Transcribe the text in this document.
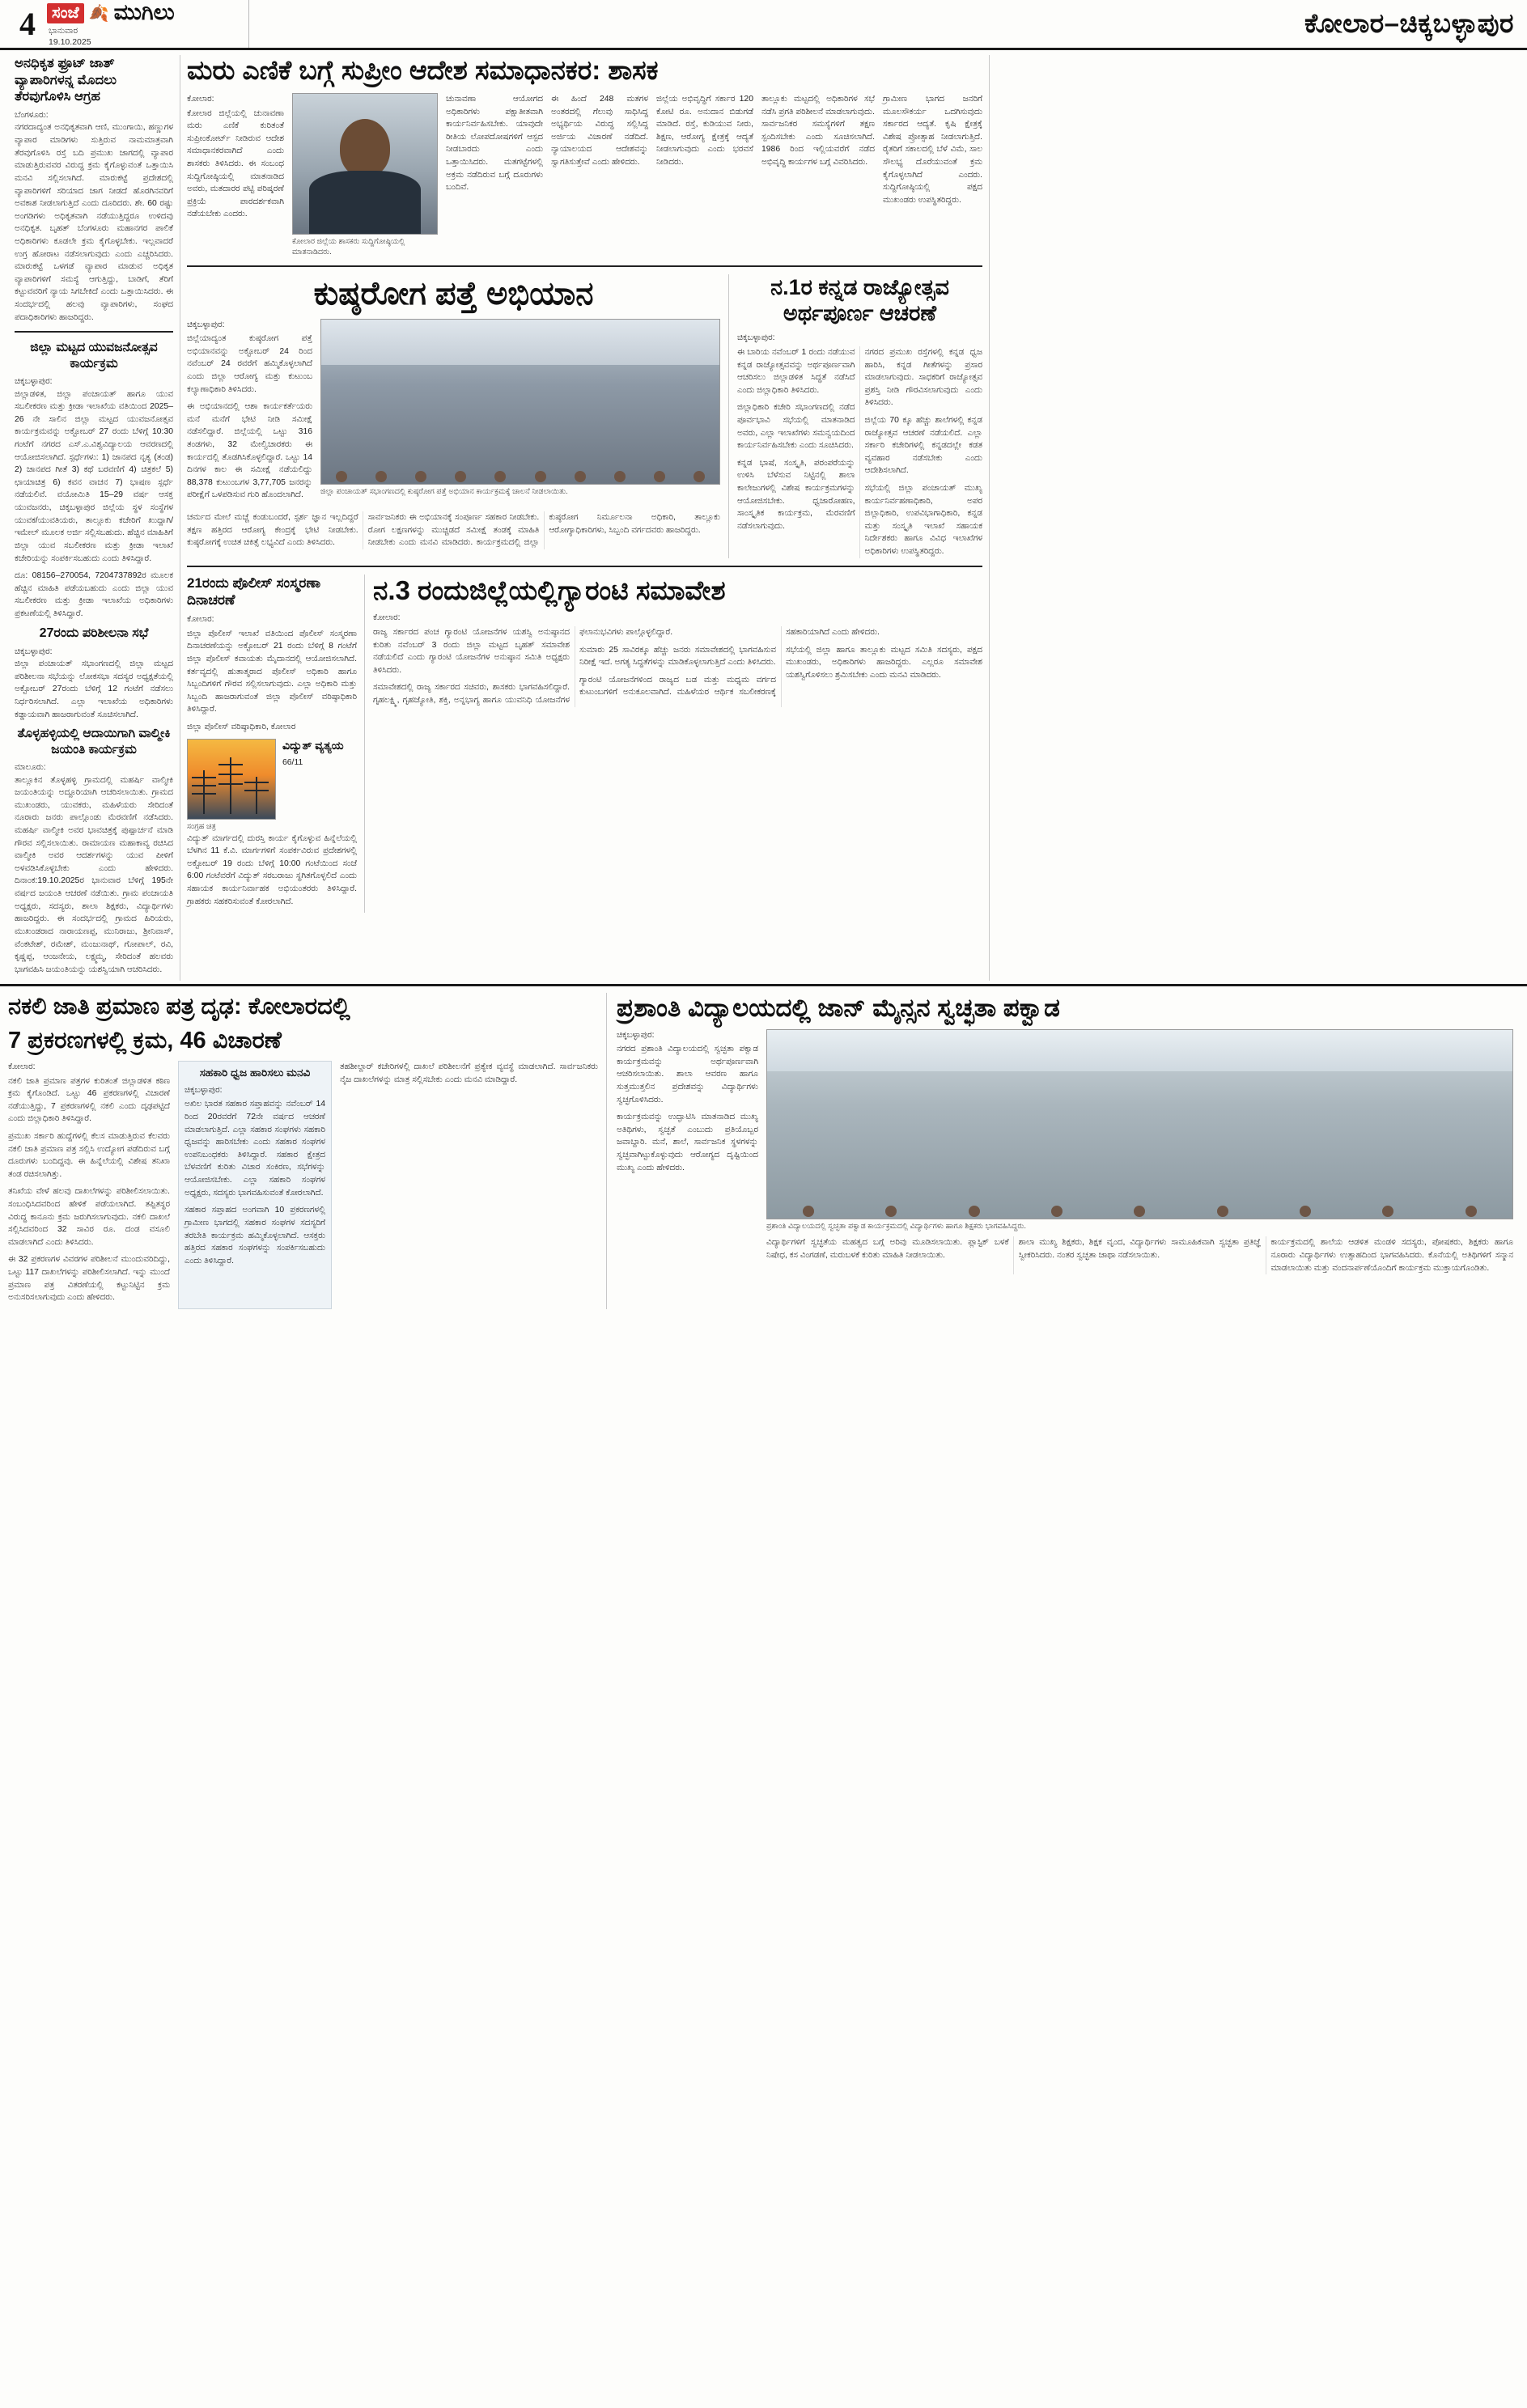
4	ಸಂಜೆ 🍂 ಮುಗಿಲು
ಭಾನುವಾರ
19.10.2025
ಕೋಲಾರ–ಚಿಕ್ಕಬಳ್ಳಾಪುರ
ಅನಧಿಕೃತ ಫ್ರೂಟ್ ಜಾತ್ ವ್ಯಾಪಾರಿಗಳನ್ನ ಮೊದಲು ತೆರವುಗೊಳಿಸಿ ಆಗ್ರಹ

ಬೆಂಗಳೂರು:

ನಗರದಾದ್ಯಂತ ಅನಧಿಕೃತವಾಗಿ ಆಣಿ, ಮುಂಗಾಯಿ, ಹಣ್ಣುಗಳ ವ್ಯಾಪಾರ ಮಾಡಿಗಳು ಸುತ್ತಿರುವ ನಾಮಮಾತ್ರವಾಗಿ ತೆರವುಗೊಳಿಸಿ ರಸ್ತೆ ಬದಿ ಪ್ರಮುಖ ಜಾಗದಲ್ಲಿ ವ್ಯಾಪಾರ ಮಾಡುತ್ತಿರುವವರ ವಿರುದ್ಧ ಕ್ರಮ ಕೈಗೊಳ್ಳುವಂತೆ ಒತ್ತಾಯಿಸಿ ಮನವಿ ಸಲ್ಲಿಸಲಾಗಿದೆ. ಮಾರುಕಟ್ಟೆ ಪ್ರದೇಶದಲ್ಲಿ ವ್ಯಾಪಾರಿಗಳಿಗೆ ಸರಿಯಾದ ಜಾಗ ನೀಡದೆ ಹೊರಗಿನವರಿಗೆ ಅವಕಾಶ ನೀಡಲಾಗುತ್ತಿದೆ ಎಂದು ದೂರಿದರು. ಶೇ. 60 ರಷ್ಟು ಅಂಗಡಿಗಳು ಅಧಿಕೃತವಾಗಿ ನಡೆಯುತ್ತಿದ್ದರೂ ಉಳಿದವು ಅನಧಿಕೃತ. ಬೃಹತ್ ಬೆಂಗಳೂರು ಮಹಾನಗರ ಪಾಲಿಕೆ ಅಧಿಕಾರಿಗಳು ಕೂಡಲೇ ಕ್ರಮ ಕೈಗೊಳ್ಳಬೇಕು. ಇಲ್ಲವಾದರೆ ಉಗ್ರ ಹೋರಾಟ ನಡೆಸಲಾಗುವುದು ಎಂದು ಎಚ್ಚರಿಸಿದರು. ಮಾರುಕಟ್ಟೆ ಒಳಗಡೆ ವ್ಯಾಪಾರ ಮಾಡುವ ಅಧಿಕೃತ ವ್ಯಾಪಾರಿಗಳಿಗೆ ಸಮಸ್ಯೆ ಆಗುತ್ತಿದ್ದು, ಬಾಡಿಗೆ, ತೆರಿಗೆ ಕಟ್ಟುವವರಿಗೆ ನ್ಯಾಯ ಸಿಗಬೇಕಿದೆ ಎಂದು ಒತ್ತಾಯಿಸಿದರು. ಈ ಸಂದರ್ಭದಲ್ಲಿ ಹಲವು ವ್ಯಾಪಾರಿಗಳು, ಸಂಘದ ಪದಾಧಿಕಾರಿಗಳು ಹಾಜರಿದ್ದರು.

ಜಿಲ್ಲಾ ಮಟ್ಟದ ಯುವಜನೋತ್ಸವ ಕಾರ್ಯಕ್ರಮ

ಚಿಕ್ಕಬಳ್ಳಾಪುರ:

ಜಿಲ್ಲಾಡಳಿತ, ಜಿಲ್ಲಾ ಪಂಚಾಯತ್ ಹಾಗೂ ಯುವ ಸಬಲೀಕರಣ ಮತ್ತು ಕ್ರೀಡಾ ಇಲಾಖೆಯ ವತಿಯಿಂದ 2025–26 ನೇ ಸಾಲಿನ ಜಿಲ್ಲಾ ಮಟ್ಟದ ಯುವಜನೋತ್ಸವ ಕಾರ್ಯಕ್ರಮವನ್ನು ಅಕ್ಟೋಬರ್ 27 ರಂದು ಬೆಳಿಗ್ಗೆ 10:30 ಗಂಟೆಗೆ ನಗರದ ಎಸ್.ಎ.ವಿಶ್ವವಿದ್ಯಾಲಯ ಆವರಣದಲ್ಲಿ ಆಯೋಜಿಸಲಾಗಿದೆ. ಸ್ಪರ್ಧೆಗಳು: 1) ಜಾನಪದ ನೃತ್ಯ (ತಂಡ) 2) ಜಾನಪದ ಗೀತೆ 3) ಕಥೆ ಬರವಣಿಗೆ 4) ಚಿತ್ರಕಲೆ 5) ಛಾಯಾಚಿತ್ರ 6) ಕವನ ವಾಚನ 7) ಭಾಷಣ ಸ್ಪರ್ಧೆ ನಡೆಯಲಿವೆ. ವಯೋಮಿತಿ 15–29 ವರ್ಷ ಆಸಕ್ತ ಯುವಜನರು, ಚಿಕ್ಕಬಳ್ಳಾಪುರ ಜಿಲ್ಲೆಯ ಸ್ಥಳ ಸಂಸ್ಥೆಗಳ ಯುವಕ/ಯುವತಿಯರು, ತಾಲ್ಲೂಕು ಕಚೇರಿಗೆ ಖುದ್ದಾಗಿ/ ಇಮೇಲ್ ಮೂಲಕ ಅರ್ಜಿ ಸಲ್ಲಿಸಬಹುದು. ಹೆಚ್ಚಿನ ಮಾಹಿತಿಗೆ ಜಿಲ್ಲಾ ಯುವ ಸಬಲೀಕರಣ ಮತ್ತು ಕ್ರೀಡಾ ಇಲಾಖೆ ಕಚೇರಿಯನ್ನು ಸಂಪರ್ಕಿಸಬಹುದು ಎಂದು ತಿಳಿಸಿದ್ದಾರೆ.

ದೂ: 08156–270054, 7204737892ರ ಮೂಲಕ ಹೆಚ್ಚಿನ ಮಾಹಿತಿ ಪಡೆಯಬಹುದು ಎಂದು ಜಿಲ್ಲಾ ಯುವ ಸಬಲೀಕರಣ ಮತ್ತು ಕ್ರೀಡಾ ಇಲಾಖೆಯ ಅಧಿಕಾರಿಗಳು ಪ್ರಕಟಣೆಯಲ್ಲಿ ತಿಳಿಸಿದ್ದಾರೆ.

27ರಂದು ಪರಿಶೀಲನಾ ಸಭೆ

ಚಿಕ್ಕಬಳ್ಳಾಪುರ:

ಜಿಲ್ಲಾ ಪಂಚಾಯತ್ ಸಭಾಂಗಣದಲ್ಲಿ ಜಿಲ್ಲಾ ಮಟ್ಟದ ಪರಿಶೀಲನಾ ಸಭೆಯನ್ನು ಲೋಕಸಭಾ ಸದಸ್ಯರ ಅಧ್ಯಕ್ಷತೆಯಲ್ಲಿ ಅಕ್ಟೋಬರ್ 27ರಂದು ಬೆಳಿಗ್ಗೆ 12 ಗಂಟೆಗೆ ನಡೆಸಲು ನಿರ್ಧರಿಸಲಾಗಿದೆ. ಎಲ್ಲಾ ಇಲಾಖೆಯ ಅಧಿಕಾರಿಗಳು ಕಡ್ಡಾಯವಾಗಿ ಹಾಜರಾಗುವಂತೆ ಸೂಚಿಸಲಾಗಿದೆ.

ತೊಳ್ಳಹಳ್ಳಿಯಲ್ಲಿ ಆದಾಯಿಗಾಗಿ ವಾಲ್ಮೀಕಿ ಜಯಂತಿ ಕಾರ್ಯಕ್ರಮ

ಮಾಲೂರು:

ತಾಲ್ಲೂಕಿನ ತೊಳ್ಳಹಳ್ಳಿ ಗ್ರಾಮದಲ್ಲಿ ಮಹರ್ಷಿ ವಾಲ್ಮೀಕಿ ಜಯಂತಿಯನ್ನು ಅದ್ದೂರಿಯಾಗಿ ಆಚರಿಸಲಾಯಿತು. ಗ್ರಾಮದ ಮುಖಂಡರು, ಯುವಕರು, ಮಹಿಳೆಯರು ಸೇರಿದಂತೆ ನೂರಾರು ಜನರು ಪಾಲ್ಗೊಂಡು ಮೆರವಣಿಗೆ ನಡೆಸಿದರು. ಮಹರ್ಷಿ ವಾಲ್ಮೀಕಿ ಅವರ ಭಾವಚಿತ್ರಕ್ಕೆ ಪುಷ್ಪಾರ್ಚನೆ ಮಾಡಿ ಗೌರವ ಸಲ್ಲಿಸಲಾಯಿತು. ರಾಮಾಯಣ ಮಹಾಕಾವ್ಯ ರಚಿಸಿದ ವಾಲ್ಮೀಕಿ ಅವರ ಆದರ್ಶಗಳನ್ನು ಯುವ ಪೀಳಿಗೆ ಅಳವಡಿಸಿಕೊಳ್ಳಬೇಕು ಎಂದು ಹೇಳಿದರು. ದಿನಾಂಕ:19.10.2025ರ ಭಾನುವಾರ ಬೆಳಿಗ್ಗೆ 195ನೇ ವರ್ಷದ ಜಯಂತಿ ಆಚರಣೆ ನಡೆಯಿತು. ಗ್ರಾಮ ಪಂಚಾಯತಿ ಅಧ್ಯಕ್ಷರು, ಸದಸ್ಯರು, ಶಾಲಾ ಶಿಕ್ಷಕರು, ವಿದ್ಯಾರ್ಥಿಗಳು ಹಾಜರಿದ್ದರು. ಈ ಸಂದರ್ಭದಲ್ಲಿ ಗ್ರಾಮದ ಹಿರಿಯರು, ಮುಖಂಡರಾದ ನಾರಾಯಣಪ್ಪ, ಮುನಿರಾಜು, ಶ್ರೀನಿವಾಸ್, ವೆಂಕಟೇಶ್, ರಮೇಶ್, ಮಂಜುನಾಥ್, ಗೋಪಾಲ್, ರವಿ, ಕೃಷ್ಣಪ್ಪ, ಆಂಜನೇಯ, ಲಕ್ಷ್ಮಮ್ಮ, ಸೇರಿದಂತೆ ಹಲವರು ಭಾಗವಹಿಸಿ ಜಯಂತಿಯನ್ನು ಯಶಸ್ವಿಯಾಗಿ ಆಚರಿಸಿದರು.

ಮರು ಎಣಿಕೆ ಬಗ್ಗೆ ಸುಪ್ರೀಂ ಆದೇಶ ಸಮಾಧಾನಕರ: ಶಾಸಕ

ಕೋಲಾರ:

ಕೋಲಾರ ಜಿಲ್ಲೆಯಲ್ಲಿ ಚುನಾವಣಾ ಮರು ಎಣಿಕೆ ಕುರಿತಂತೆ ಸುಪ್ರೀಂಕೋರ್ಟ್ ನೀಡಿರುವ ಆದೇಶ ಸಮಾಧಾನಕರವಾಗಿದೆ ಎಂದು ಶಾಸಕರು ತಿಳಿಸಿದರು. ಈ ಸಂಬಂಧ ಸುದ್ದಿಗೋಷ್ಠಿಯಲ್ಲಿ ಮಾತನಾಡಿದ ಅವರು, ಮತದಾರರ ಪಟ್ಟಿ ಪರಿಷ್ಕರಣೆ ಪ್ರಕ್ರಿಯೆ ಪಾರದರ್ಶಕವಾಗಿ ನಡೆಯಬೇಕು ಎಂದರು.

ಕೋಲಾರ ಜಿಲ್ಲೆಯ ಶಾಸಕರು ಸುದ್ದಿಗೋಷ್ಠಿಯಲ್ಲಿ ಮಾತನಾಡಿದರು.

ಚುನಾವಣಾ ಆಯೋಗದ ಅಧಿಕಾರಿಗಳು ಪಕ್ಷಾತೀತವಾಗಿ ಕಾರ್ಯನಿರ್ವಹಿಸಬೇಕು. ಯಾವುದೇ ರೀತಿಯ ಲೋಪದೋಷಗಳಿಗೆ ಆಸ್ಪದ ನೀಡಬಾರದು ಎಂದು ಒತ್ತಾಯಿಸಿದರು. ಮತಗಟ್ಟೆಗಳಲ್ಲಿ ಅಕ್ರಮ ನಡೆದಿರುವ ಬಗ್ಗೆ ದೂರುಗಳು ಬಂದಿವೆ.

ಈ ಹಿಂದೆ 248 ಮತಗಳ ಅಂತರದಲ್ಲಿ ಗೆಲುವು ಸಾಧಿಸಿದ್ದ ಅಭ್ಯರ್ಥಿಯ ವಿರುದ್ಧ ಸಲ್ಲಿಸಿದ್ದ ಅರ್ಜಿಯ ವಿಚಾರಣೆ ನಡೆದಿದೆ. ನ್ಯಾಯಾಲಯದ ಆದೇಶವನ್ನು ಸ್ವಾಗತಿಸುತ್ತೇವೆ ಎಂದು ಹೇಳಿದರು.

ಜಿಲ್ಲೆಯ ಅಭಿವೃದ್ಧಿಗೆ ಸರ್ಕಾರ 120 ಕೋಟಿ ರೂ. ಅನುದಾನ ಬಿಡುಗಡೆ ಮಾಡಿದೆ. ರಸ್ತೆ, ಕುಡಿಯುವ ನೀರು, ಶಿಕ್ಷಣ, ಆರೋಗ್ಯ ಕ್ಷೇತ್ರಕ್ಕೆ ಆದ್ಯತೆ ನೀಡಲಾಗುವುದು ಎಂದು ಭರವಸೆ ನೀಡಿದರು.

ತಾಲ್ಲೂಕು ಮಟ್ಟದಲ್ಲಿ ಅಧಿಕಾರಿಗಳ ಸಭೆ ನಡೆಸಿ ಪ್ರಗತಿ ಪರಿಶೀಲನೆ ಮಾಡಲಾಗುವುದು. ಸಾರ್ವಜನಿಕರ ಸಮಸ್ಯೆಗಳಿಗೆ ತಕ್ಷಣ ಸ್ಪಂದಿಸಬೇಕು ಎಂದು ಸೂಚಿಸಲಾಗಿದೆ. 1986 ರಿಂದ ಇಲ್ಲಿಯವರೆಗೆ ನಡೆದ ಅಭಿವೃದ್ಧಿ ಕಾರ್ಯಗಳ ಬಗ್ಗೆ ವಿವರಿಸಿದರು.

ಗ್ರಾಮೀಣ ಭಾಗದ ಜನರಿಗೆ ಮೂಲಸೌಕರ್ಯ ಒದಗಿಸುವುದು ಸರ್ಕಾರದ ಆದ್ಯತೆ. ಕೃಷಿ ಕ್ಷೇತ್ರಕ್ಕೆ ವಿಶೇಷ ಪ್ರೋತ್ಸಾಹ ನೀಡಲಾಗುತ್ತಿದೆ. ರೈತರಿಗೆ ಸಕಾಲದಲ್ಲಿ ಬೆಳೆ ವಿಮೆ, ಸಾಲ ಸೌಲಭ್ಯ ದೊರೆಯುವಂತೆ ಕ್ರಮ ಕೈಗೊಳ್ಳಲಾಗಿದೆ ಎಂದರು. ಸುದ್ದಿಗೋಷ್ಠಿಯಲ್ಲಿ ಪಕ್ಷದ ಮುಖಂಡರು ಉಪಸ್ಥಿತರಿದ್ದರು.

ಕುಷ್ಠರೋಗ ಪತ್ತೆ ಅಭಿಯಾನ

ಚಿಕ್ಕಬಳ್ಳಾಪುರ:

ಜಿಲ್ಲೆಯಾದ್ಯಂತ ಕುಷ್ಠರೋಗ ಪತ್ತೆ ಅಭಿಯಾನವನ್ನು ಅಕ್ಟೋಬರ್ 24 ರಿಂದ ನವೆಂಬರ್ 24 ರವರೆಗೆ ಹಮ್ಮಿಕೊಳ್ಳಲಾಗಿದೆ ಎಂದು ಜಿಲ್ಲಾ ಆರೋಗ್ಯ ಮತ್ತು ಕುಟುಂಬ ಕಲ್ಯಾಣಾಧಿಕಾರಿ ತಿಳಿಸಿದರು.

ಈ ಅಭಿಯಾನದಲ್ಲಿ ಆಶಾ ಕಾರ್ಯಕರ್ತೆಯರು ಮನೆ ಮನೆಗೆ ಭೇಟಿ ನೀಡಿ ಸಮೀಕ್ಷೆ ನಡೆಸಲಿದ್ದಾರೆ. ಜಿಲ್ಲೆಯಲ್ಲಿ ಒಟ್ಟು 316 ತಂಡಗಳು, 32 ಮೇಲ್ವಿಚಾರಕರು ಈ ಕಾರ್ಯದಲ್ಲಿ ತೊಡಗಿಸಿಕೊಳ್ಳಲಿದ್ದಾರೆ. ಒಟ್ಟು 14 ದಿನಗಳ ಕಾಲ ಈ ಸಮೀಕ್ಷೆ ನಡೆಯಲಿದ್ದು 88,378 ಕುಟುಂಬಗಳ 3,77,705 ಜನರನ್ನು ಪರೀಕ್ಷೆಗೆ ಒಳಪಡಿಸುವ ಗುರಿ ಹೊಂದಲಾಗಿದೆ.	ಜಿಲ್ಲಾ ಪಂಚಾಯತ್ ಸಭಾಂಗಣದಲ್ಲಿ ಕುಷ್ಠರೋಗ ಪತ್ತೆ ಅಭಿಯಾನ ಕಾರ್ಯಕ್ರಮಕ್ಕೆ ಚಾಲನೆ ನೀಡಲಾಯಿತು.

ಚರ್ಮದ ಮೇಲೆ ಮಚ್ಚೆ ಕಂಡುಬಂದರೆ, ಸ್ಪರ್ಶ ಜ್ಞಾನ ಇಲ್ಲದಿದ್ದರೆ ತಕ್ಷಣ ಹತ್ತಿರದ ಆರೋಗ್ಯ ಕೇಂದ್ರಕ್ಕೆ ಭೇಟಿ ನೀಡಬೇಕು. ಕುಷ್ಠರೋಗಕ್ಕೆ ಉಚಿತ ಚಿಕಿತ್ಸೆ ಲಭ್ಯವಿದೆ ಎಂದು ತಿಳಿಸಿದರು.

ಸಾರ್ವಜನಿಕರು ಈ ಅಭಿಯಾನಕ್ಕೆ ಸಂಪೂರ್ಣ ಸಹಕಾರ ನೀಡಬೇಕು. ರೋಗ ಲಕ್ಷಣಗಳನ್ನು ಮುಚ್ಚಿಡದೆ ಸಮೀಕ್ಷೆ ತಂಡಕ್ಕೆ ಮಾಹಿತಿ ನೀಡಬೇಕು ಎಂದು ಮನವಿ ಮಾಡಿದರು. ಕಾರ್ಯಕ್ರಮದಲ್ಲಿ ಜಿಲ್ಲಾ ಕುಷ್ಠರೋಗ ನಿರ್ಮೂಲನಾ ಅಧಿಕಾರಿ, ತಾಲ್ಲೂಕು ಆರೋಗ್ಯಾಧಿಕಾರಿಗಳು, ಸಿಬ್ಬಂದಿ ವರ್ಗದವರು ಹಾಜರಿದ್ದರು.

ನ.1ರ ಕನ್ನಡ ರಾಜ್ಯೋತ್ಸವ ಅರ್ಥಪೂರ್ಣ ಆಚರಣೆ

ಚಿಕ್ಕಬಳ್ಳಾಪುರ:

ಈ ಬಾರಿಯ ನವೆಂಬರ್ 1 ರಂದು ನಡೆಯುವ ಕನ್ನಡ ರಾಜ್ಯೋತ್ಸವವನ್ನು ಅರ್ಥಪೂರ್ಣವಾಗಿ ಆಚರಿಸಲು ಜಿಲ್ಲಾಡಳಿತ ಸಿದ್ಧತೆ ನಡೆಸಿದೆ ಎಂದು ಜಿಲ್ಲಾಧಿಕಾರಿ ತಿಳಿಸಿದರು.

ಜಿಲ್ಲಾಧಿಕಾರಿ ಕಚೇರಿ ಸಭಾಂಗಣದಲ್ಲಿ ನಡೆದ ಪೂರ್ವಭಾವಿ ಸಭೆಯಲ್ಲಿ ಮಾತನಾಡಿದ ಅವರು, ಎಲ್ಲಾ ಇಲಾಖೆಗಳು ಸಮನ್ವಯದಿಂದ ಕಾರ್ಯನಿರ್ವಹಿಸಬೇಕು ಎಂದು ಸೂಚಿಸಿದರು.

ಕನ್ನಡ ಭಾಷೆ, ಸಂಸ್ಕೃತಿ, ಪರಂಪರೆಯನ್ನು ಉಳಿಸಿ ಬೆಳೆಸುವ ನಿಟ್ಟಿನಲ್ಲಿ ಶಾಲಾ ಕಾಲೇಜುಗಳಲ್ಲಿ ವಿಶೇಷ ಕಾರ್ಯಕ್ರಮಗಳನ್ನು ಆಯೋಜಿಸಬೇಕು. ಧ್ವಜಾರೋಹಣ, ಸಾಂಸ್ಕೃತಿಕ ಕಾರ್ಯಕ್ರಮ, ಮೆರವಣಿಗೆ ನಡೆಸಲಾಗುವುದು.

ನಗರದ ಪ್ರಮುಖ ರಸ್ತೆಗಳಲ್ಲಿ ಕನ್ನಡ ಧ್ವಜ ಹಾರಿಸಿ, ಕನ್ನಡ ಗೀತೆಗಳನ್ನು ಪ್ರಸಾರ ಮಾಡಲಾಗುವುದು. ಸಾಧಕರಿಗೆ ರಾಜ್ಯೋತ್ಸವ ಪ್ರಶಸ್ತಿ ನೀಡಿ ಗೌರವಿಸಲಾಗುವುದು ಎಂದು ತಿಳಿಸಿದರು.

ಜಿಲ್ಲೆಯ 70 ಕ್ಕೂ ಹೆಚ್ಚು ಶಾಲೆಗಳಲ್ಲಿ ಕನ್ನಡ ರಾಜ್ಯೋತ್ಸವ ಆಚರಣೆ ನಡೆಯಲಿದೆ. ಎಲ್ಲಾ ಸರ್ಕಾರಿ ಕಚೇರಿಗಳಲ್ಲಿ ಕನ್ನಡದಲ್ಲೇ ಕಡತ ವ್ಯವಹಾರ ನಡೆಸಬೇಕು ಎಂದು ಆದೇಶಿಸಲಾಗಿದೆ.

ಸಭೆಯಲ್ಲಿ ಜಿಲ್ಲಾ ಪಂಚಾಯತ್ ಮುಖ್ಯ ಕಾರ್ಯನಿರ್ವಹಣಾಧಿಕಾರಿ, ಅಪರ ಜಿಲ್ಲಾಧಿಕಾರಿ, ಉಪವಿಭಾಗಾಧಿಕಾರಿ, ಕನ್ನಡ ಮತ್ತು ಸಂಸ್ಕೃತಿ ಇಲಾಖೆ ಸಹಾಯಕ ನಿರ್ದೇಶಕರು ಹಾಗೂ ವಿವಿಧ ಇಲಾಖೆಗಳ ಅಧಿಕಾರಿಗಳು ಉಪಸ್ಥಿತರಿದ್ದರು.

21ರಂದು ಪೊಲೀಸ್ ಸಂಸ್ಮರಣಾ ದಿನಾಚರಣೆ

ಕೋಲಾರ:

ಜಿಲ್ಲಾ ಪೊಲೀಸ್ ಇಲಾಖೆ ವತಿಯಿಂದ ಪೊಲೀಸ್ ಸಂಸ್ಮರಣಾ ದಿನಾಚರಣೆಯನ್ನು ಅಕ್ಟೋಬರ್ 21 ರಂದು ಬೆಳಿಗ್ಗೆ 8 ಗಂಟೆಗೆ ಜಿಲ್ಲಾ ಪೊಲೀಸ್ ಕವಾಯತು ಮೈದಾನದಲ್ಲಿ ಆಯೋಜಿಸಲಾಗಿದೆ. ಕರ್ತವ್ಯದಲ್ಲಿ ಹುತಾತ್ಮರಾದ ಪೊಲೀಸ್ ಅಧಿಕಾರಿ ಹಾಗೂ ಸಿಬ್ಬಂದಿಗಳಿಗೆ ಗೌರವ ಸಲ್ಲಿಸಲಾಗುವುದು. ಎಲ್ಲಾ ಅಧಿಕಾರಿ ಮತ್ತು ಸಿಬ್ಬಂದಿ ಹಾಜರಾಗುವಂತೆ ಜಿಲ್ಲಾ ಪೊಲೀಸ್ ವರಿಷ್ಠಾಧಿಕಾರಿ ತಿಳಿಸಿದ್ದಾರೆ.

ಜಿಲ್ಲಾ ಪೊಲೀಸ್ ವರಿಷ್ಠಾಧಿಕಾರಿ, ಕೋಲಾರ

ಸಂಗ್ರಹ ಚಿತ್ರ
ವಿದ್ಯುತ್ ವ್ಯತ್ಯಯ
66/11

ವಿದ್ಯುತ್ ಮಾರ್ಗದಲ್ಲಿ ದುರಸ್ತಿ ಕಾರ್ಯ ಕೈಗೊಳ್ಳುವ ಹಿನ್ನೆಲೆಯಲ್ಲಿ ಬೆಳಗಿನ 11 ಕೆ.ವಿ. ಮಾರ್ಗಗಳಿಗೆ ಸಂಪರ್ಕವಿರುವ ಪ್ರದೇಶಗಳಲ್ಲಿ ಅಕ್ಟೋಬರ್ 19 ರಂದು ಬೆಳಿಗ್ಗೆ 10:00 ಗಂಟೆಯಿಂದ ಸಂಜೆ 6:00 ಗಂಟೆವರೆಗೆ ವಿದ್ಯುತ್ ಸರಬರಾಜು ಸ್ಥಗಿತಗೊಳ್ಳಲಿದೆ ಎಂದು ಸಹಾಯಕ ಕಾರ್ಯನಿರ್ವಾಹಕ ಅಭಿಯಂತರರು ತಿಳಿಸಿದ್ದಾರೆ. ಗ್ರಾಹಕರು ಸಹಕರಿಸುವಂತೆ ಕೋರಲಾಗಿದೆ.

ನ.3 ರಂದುಜಿಲ್ಲೆಯಲ್ಲಿಗ್ಯಾರಂಟಿ ಸಮಾವೇಶ

ಕೋಲಾರ:

ರಾಜ್ಯ ಸರ್ಕಾರದ ಪಂಚ ಗ್ಯಾರಂಟಿ ಯೋಜನೆಗಳ ಯಶಸ್ವಿ ಅನುಷ್ಠಾನದ ಕುರಿತು ನವೆಂಬರ್ 3 ರಂದು ಜಿಲ್ಲಾ ಮಟ್ಟದ ಬೃಹತ್ ಸಮಾವೇಶ ನಡೆಯಲಿದೆ ಎಂದು ಗ್ಯಾರಂಟಿ ಯೋಜನೆಗಳ ಅನುಷ್ಠಾನ ಸಮಿತಿ ಅಧ್ಯಕ್ಷರು ತಿಳಿಸಿದರು.

ಸಮಾವೇಶದಲ್ಲಿ ರಾಜ್ಯ ಸರ್ಕಾರದ ಸಚಿವರು, ಶಾಸಕರು ಭಾಗವಹಿಸಲಿದ್ದಾರೆ. ಗೃಹಲಕ್ಷ್ಮಿ, ಗೃಹಜ್ಯೋತಿ, ಶಕ್ತಿ, ಅನ್ನಭಾಗ್ಯ ಹಾಗೂ ಯುವನಿಧಿ ಯೋಜನೆಗಳ ಫಲಾನುಭವಿಗಳು ಪಾಲ್ಗೊಳ್ಳಲಿದ್ದಾರೆ.

ಸುಮಾರು 25 ಸಾವಿರಕ್ಕೂ ಹೆಚ್ಚು ಜನರು ಸಮಾವೇಶದಲ್ಲಿ ಭಾಗವಹಿಸುವ ನಿರೀಕ್ಷೆ ಇದೆ. ಅಗತ್ಯ ಸಿದ್ಧತೆಗಳನ್ನು ಮಾಡಿಕೊಳ್ಳಲಾಗುತ್ತಿದೆ ಎಂದು ತಿಳಿಸಿದರು.

ಗ್ಯಾರಂಟಿ ಯೋಜನೆಗಳಿಂದ ರಾಜ್ಯದ ಬಡ ಮತ್ತು ಮಧ್ಯಮ ವರ್ಗದ ಕುಟುಂಬಗಳಿಗೆ ಅನುಕೂಲವಾಗಿದೆ. ಮಹಿಳೆಯರ ಆರ್ಥಿಕ ಸಬಲೀಕರಣಕ್ಕೆ ಸಹಕಾರಿಯಾಗಿದೆ ಎಂದು ಹೇಳಿದರು.

ಸಭೆಯಲ್ಲಿ ಜಿಲ್ಲಾ ಹಾಗೂ ತಾಲ್ಲೂಕು ಮಟ್ಟದ ಸಮಿತಿ ಸದಸ್ಯರು, ಪಕ್ಷದ ಮುಖಂಡರು, ಅಧಿಕಾರಿಗಳು ಹಾಜರಿದ್ದರು. ಎಲ್ಲರೂ ಸಮಾವೇಶ ಯಶಸ್ವಿಗೊಳಿಸಲು ಶ್ರಮಿಸಬೇಕು ಎಂದು ಮನವಿ ಮಾಡಿದರು.

ನಕಲಿ ಜಾತಿ ಪ್ರಮಾಣ ಪತ್ರ ದೃಢ: ಕೋಲಾರದಲ್ಲಿ
7 ಪ್ರಕರಣಗಳಲ್ಲಿ ಕ್ರಮ, 46 ವಿಚಾರಣೆ

ಕೋಲಾರ:

ನಕಲಿ ಜಾತಿ ಪ್ರಮಾಣ ಪತ್ರಗಳ ಕುರಿತಂತೆ ಜಿಲ್ಲಾಡಳಿತ ಕಠಿಣ ಕ್ರಮ ಕೈಗೊಂಡಿದೆ. ಒಟ್ಟು 46 ಪ್ರಕರಣಗಳಲ್ಲಿ ವಿಚಾರಣೆ ನಡೆಯುತ್ತಿದ್ದು, 7 ಪ್ರಕರಣಗಳಲ್ಲಿ ನಕಲಿ ಎಂದು ದೃಢಪಟ್ಟಿದೆ ಎಂದು ಜಿಲ್ಲಾಧಿಕಾರಿ ತಿಳಿಸಿದ್ದಾರೆ.

ಪ್ರಮುಖ ಸರ್ಕಾರಿ ಹುದ್ದೆಗಳಲ್ಲಿ ಕೆಲಸ ಮಾಡುತ್ತಿರುವ ಕೆಲವರು ನಕಲಿ ಜಾತಿ ಪ್ರಮಾಣ ಪತ್ರ ಸಲ್ಲಿಸಿ ಉದ್ಯೋಗ ಪಡೆದಿರುವ ಬಗ್ಗೆ ದೂರುಗಳು ಬಂದಿದ್ದವು. ಈ ಹಿನ್ನೆಲೆಯಲ್ಲಿ ವಿಶೇಷ ತನಿಖಾ ತಂಡ ರಚಿಸಲಾಗಿತ್ತು.

ತನಿಖೆಯ ವೇಳೆ ಹಲವು ದಾಖಲೆಗಳನ್ನು ಪರಿಶೀಲಿಸಲಾಯಿತು. ಸಂಬಂಧಿಸಿದವರಿಂದ ಹೇಳಿಕೆ ಪಡೆಯಲಾಗಿದೆ. ತಪ್ಪಿತಸ್ಥರ ವಿರುದ್ಧ ಕಾನೂನು ಕ್ರಮ ಜರುಗಿಸಲಾಗುವುದು. ನಕಲಿ ದಾಖಲೆ ಸಲ್ಲಿಸಿದವರಿಂದ 32 ಸಾವಿರ ರೂ. ದಂಡ ವಸೂಲಿ ಮಾಡಲಾಗಿದೆ ಎಂದು ತಿಳಿಸಿದರು.

ಈ 32 ಪ್ರಕರಣಗಳ ವಿವರಗಳ ಪರಿಶೀಲನೆ ಮುಂದುವರಿದಿದ್ದು, ಒಟ್ಟು 117 ದಾಖಲೆಗಳನ್ನು ಪರಿಶೀಲಿಸಲಾಗಿದೆ. ಇನ್ನು ಮುಂದೆ ಪ್ರಮಾಣ ಪತ್ರ ವಿತರಣೆಯಲ್ಲಿ ಕಟ್ಟುನಿಟ್ಟಿನ ಕ್ರಮ ಅನುಸರಿಸಲಾಗುವುದು ಎಂದು ಹೇಳಿದರು.

ಸಹಕಾರಿ ಧ್ವಜ ಹಾರಿಸಲು ಮನವಿ

ಚಿಕ್ಕಬಳ್ಳಾಪುರ:

ಅಖಿಲ ಭಾರತ ಸಹಕಾರ ಸಪ್ತಾಹವನ್ನು ನವೆಂಬರ್ 14 ರಿಂದ 20ರವರೆಗೆ 72ನೇ ವರ್ಷದ ಆಚರಣೆ ಮಾಡಲಾಗುತ್ತಿದೆ. ಎಲ್ಲಾ ಸಹಕಾರ ಸಂಘಗಳು ಸಹಕಾರಿ ಧ್ವಜವನ್ನು ಹಾರಿಸಬೇಕು ಎಂದು ಸಹಕಾರ ಸಂಘಗಳ ಉಪನಿಬಂಧಕರು ತಿಳಿಸಿದ್ದಾರೆ. ಸಹಕಾರ ಕ್ಷೇತ್ರದ ಬೆಳವಣಿಗೆ ಕುರಿತು ವಿಚಾರ ಸಂಕಿರಣ, ಸಭೆಗಳನ್ನು ಆಯೋಜಿಸಬೇಕು. ಎಲ್ಲಾ ಸಹಕಾರಿ ಸಂಘಗಳ ಅಧ್ಯಕ್ಷರು, ಸದಸ್ಯರು ಭಾಗವಹಿಸುವಂತೆ ಕೋರಲಾಗಿದೆ.

ಸಹಕಾರ ಸಪ್ತಾಹದ ಅಂಗವಾಗಿ 10 ಪ್ರಕರಣಗಳಲ್ಲಿ ಗ್ರಾಮೀಣ ಭಾಗದಲ್ಲಿ ಸಹಕಾರ ಸಂಘಗಳ ಸದಸ್ಯರಿಗೆ ತರಬೇತಿ ಕಾರ್ಯಕ್ರಮ ಹಮ್ಮಿಕೊಳ್ಳಲಾಗಿದೆ. ಆಸಕ್ತರು ಹತ್ತಿರದ ಸಹಕಾರ ಸಂಘಗಳನ್ನು ಸಂಪರ್ಕಿಸಬಹುದು ಎಂದು ತಿಳಿಸಿದ್ದಾರೆ.

ತಹಶೀಲ್ದಾರ್ ಕಚೇರಿಗಳಲ್ಲಿ ದಾಖಲೆ ಪರಿಶೀಲನೆಗೆ ಪ್ರತ್ಯೇಕ ವ್ಯವಸ್ಥೆ ಮಾಡಲಾಗಿದೆ. ಸಾರ್ವಜನಿಕರು ನೈಜ ದಾಖಲೆಗಳನ್ನು ಮಾತ್ರ ಸಲ್ಲಿಸಬೇಕು ಎಂದು ಮನವಿ ಮಾಡಿದ್ದಾರೆ.

ಪ್ರಶಾಂತಿ ವಿದ್ಯಾಲಯದಲ್ಲಿ ಜಾನ್ ಮೈನ್ಸನ ಸ್ವಚ್ಛತಾ ಪಕ್ವಾಡ

ಚಿಕ್ಕಬಳ್ಳಾಪುರ:

ನಗರದ ಪ್ರಶಾಂತಿ ವಿದ್ಯಾಲಯದಲ್ಲಿ ಸ್ವಚ್ಛತಾ ಪಕ್ವಾಡ ಕಾರ್ಯಕ್ರಮವನ್ನು ಅರ್ಥಪೂರ್ಣವಾಗಿ ಆಚರಿಸಲಾಯಿತು. ಶಾಲಾ ಆವರಣ ಹಾಗೂ ಸುತ್ತಮುತ್ತಲಿನ ಪ್ರದೇಶವನ್ನು ವಿದ್ಯಾರ್ಥಿಗಳು ಸ್ವಚ್ಛಗೊಳಿಸಿದರು.

ಕಾರ್ಯಕ್ರಮವನ್ನು ಉದ್ಘಾಟಿಸಿ ಮಾತನಾಡಿದ ಮುಖ್ಯ ಅತಿಥಿಗಳು, ಸ್ವಚ್ಛತೆ ಎಂಬುದು ಪ್ರತಿಯೊಬ್ಬರ ಜವಾಬ್ದಾರಿ. ಮನೆ, ಶಾಲೆ, ಸಾರ್ವಜನಿಕ ಸ್ಥಳಗಳನ್ನು ಸ್ವಚ್ಛವಾಗಿಟ್ಟುಕೊಳ್ಳುವುದು ಆರೋಗ್ಯದ ದೃಷ್ಟಿಯಿಂದ ಮುಖ್ಯ ಎಂದು ಹೇಳಿದರು.

ಪ್ರಶಾಂತಿ ವಿದ್ಯಾಲಯದಲ್ಲಿ ಸ್ವಚ್ಛತಾ ಪಕ್ವಾಡ ಕಾರ್ಯಕ್ರಮದಲ್ಲಿ ವಿದ್ಯಾರ್ಥಿಗಳು ಹಾಗೂ ಶಿಕ್ಷಕರು ಭಾಗವಹಿಸಿದ್ದರು.

ವಿದ್ಯಾರ್ಥಿಗಳಿಗೆ ಸ್ವಚ್ಛತೆಯ ಮಹತ್ವದ ಬಗ್ಗೆ ಅರಿವು ಮೂಡಿಸಲಾಯಿತು. ಪ್ಲಾಸ್ಟಿಕ್ ಬಳಕೆ ನಿಷೇಧ, ಕಸ ವಿಂಗಡಣೆ, ಮರುಬಳಕೆ ಕುರಿತು ಮಾಹಿತಿ ನೀಡಲಾಯಿತು.

ಶಾಲಾ ಮುಖ್ಯ ಶಿಕ್ಷಕರು, ಶಿಕ್ಷಕ ವೃಂದ, ವಿದ್ಯಾರ್ಥಿಗಳು ಸಾಮೂಹಿಕವಾಗಿ ಸ್ವಚ್ಛತಾ ಪ್ರತಿಜ್ಞೆ ಸ್ವೀಕರಿಸಿದರು. ನಂತರ ಸ್ವಚ್ಛತಾ ಜಾಥಾ ನಡೆಸಲಾಯಿತು.

ಕಾರ್ಯಕ್ರಮದಲ್ಲಿ ಶಾಲೆಯ ಆಡಳಿತ ಮಂಡಳಿ ಸದಸ್ಯರು, ಪೋಷಕರು, ಶಿಕ್ಷಕರು ಹಾಗೂ ನೂರಾರು ವಿದ್ಯಾರ್ಥಿಗಳು ಉತ್ಸಾಹದಿಂದ ಭಾಗವಹಿಸಿದರು. ಕೊನೆಯಲ್ಲಿ ಅತಿಥಿಗಳಿಗೆ ಸನ್ಮಾನ ಮಾಡಲಾಯಿತು ಮತ್ತು ವಂದನಾರ್ಪಣೆಯೊಂದಿಗೆ ಕಾರ್ಯಕ್ರಮ ಮುಕ್ತಾಯಗೊಂಡಿತು.
